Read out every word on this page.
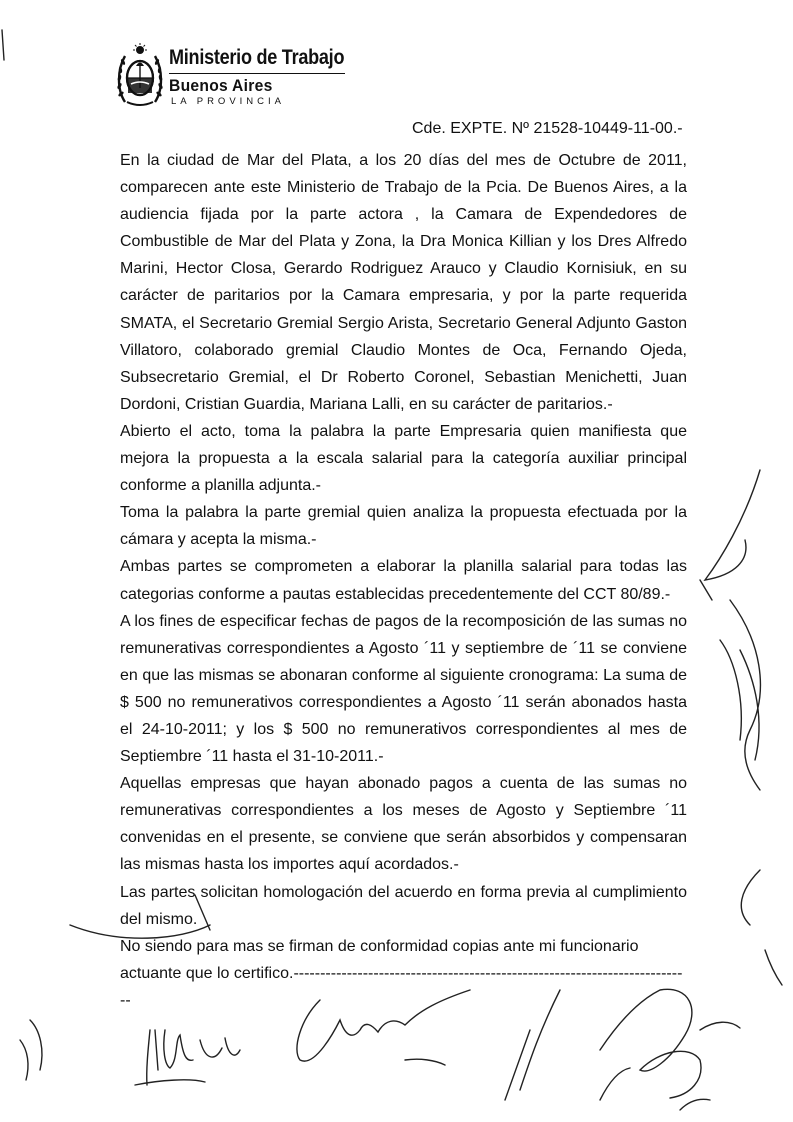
Ministerio de Trabajo
Buenos Aires
LA PROVINCIA
Cde. EXPTE. Nº 21528-10449-11-00.-

En la ciudad de Mar del Plata, a los 20 días del mes de Octubre de 2011, comparecen ante este Ministerio de Trabajo de la Pcia. De Buenos Aires, a la audiencia fijada por la parte actora , la Camara de Expendedores de Combustible de Mar del Plata y Zona, la Dra Monica Killian y los Dres Alfredo Marini, Hector Closa, Gerardo Rodriguez Arauco y Claudio Kornisiuk, en su carácter de paritarios por la Camara empresaria, y por la parte requerida SMATA, el Secretario Gremial Sergio Arista, Secretario General Adjunto Gaston Villatoro, colaborado gremial Claudio Montes de Oca, Fernando Ojeda, Subsecretario Gremial, el Dr Roberto Coronel, Sebastian Menichetti, Juan Dordoni, Cristian Guardia, Mariana Lalli, en su carácter de paritarios.-

Abierto el acto, toma la palabra la parte Empresaria quien manifiesta que mejora la propuesta a la escala salarial para la categoría auxiliar principal conforme a planilla adjunta.-

Toma la palabra la parte gremial quien analiza la propuesta efectuada por la cámara y acepta la misma.-

Ambas partes se comprometen a elaborar la planilla salarial para todas las categorias conforme a pautas establecidas precedentemente del CCT 80/89.-

A los fines de especificar fechas de pagos de la recomposición de las sumas no remunerativas correspondientes a Agosto ´11 y septiembre de ´11 se conviene en que las mismas se abonaran conforme al siguiente cronograma: La suma de $ 500 no remunerativos correspondientes a Agosto ´11 serán abonados hasta el 24-10-2011; y los $ 500 no remunerativos correspondientes al mes de Septiembre ´11 hasta el 31-10-2011.-

Aquellas empresas que hayan abonado pagos a cuenta de las sumas no remunerativas correspondientes a los meses de Agosto y Septiembre ´11 convenidas en el presente, se conviene que serán absorbidos y compensaran las mismas hasta los importes aquí acordados.-

Las partes solicitan homologación del acuerdo en forma previa al cumplimiento del mismo.

No siendo para mas se firman de conformidad copias ante mi funcionario actuante que lo certifico.---------------------------------------------------------------------------
